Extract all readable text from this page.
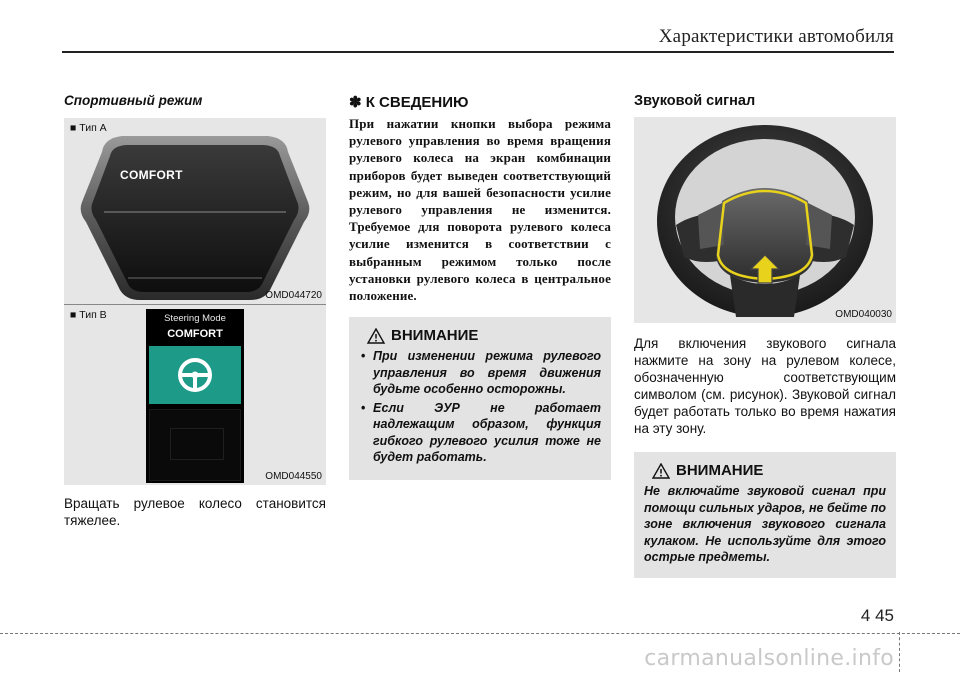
Характеристики автомобиля
Спортивный режим
■ Тип A
COMFORT
OMD044720
■ Тип B	Steering Mode
COMFORT
OMD044550
Вращать рулевое колесо становится тяжелее.
✽ К СВЕДЕНИЮ
При нажатии кнопки выбора режима рулевого управления во время вращения рулевого колеса на экран комбинации приборов будет выведен соответствующий режим, но для вашей безопасности усилие рулевого управления не изменится. Требуемое для поворота рулевого колеса усилие изменится в соответствии с выбранным режимом только после установки рулевого колеса в центральное положение.
ВНИМАНИЕ
• При изменении режима рулевого управления во время движения будьте особенно осторожны.
• Если ЭУР не работает надлежащим образом, функция гибкого рулевого усилия тоже не будет работать.
Звуковой сигнал
OMD040030
Для включения звукового сигнала нажмите на зону на рулевом колесе, обозначенную соответствующим символом (см. рисунок). Звуковой сигнал будет работать только во время нажатия на эту зону.
ВНИМАНИЕ
Не включайте звуковой сигнал при помощи сильных ударов, не бейте по зоне включения звукового сигнала кулаком. Не используйте для этого острые предметы.
4 45
carmanualsonline.info
